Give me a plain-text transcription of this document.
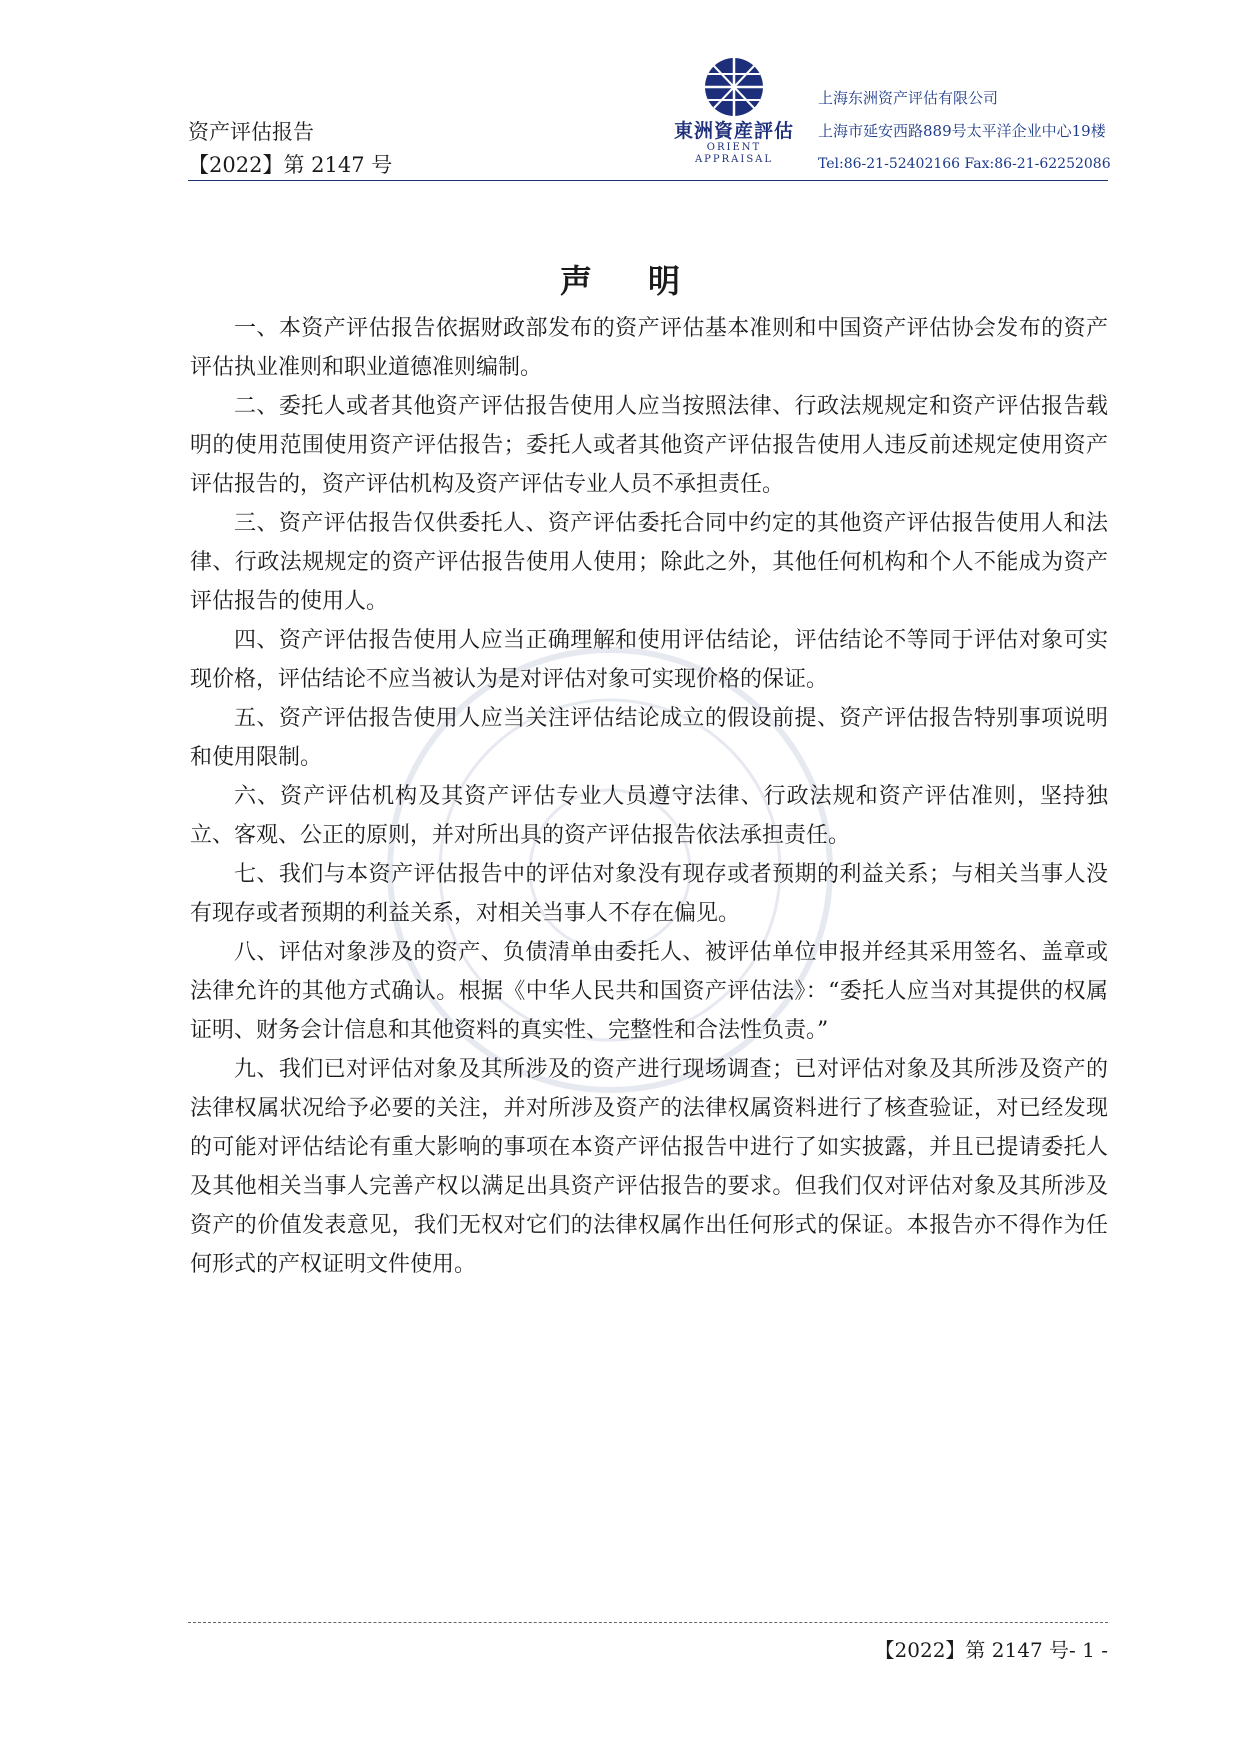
资产评估报告
【2022】第 2147 号
東洲資産評估
ORIENT APPRAISAL
上海东洲资产评估有限公司
上海市延安西路889号太平洋企业中心19楼
Tel:86-21-52402166 Fax:86-21-62252086
声明

一、本资产评估报告依据财政部发布的资产评估基本准则和中国资产评估协会发布的资产评估执业准则和职业道德准则编制。

二、委托人或者其他资产评估报告使用人应当按照法律、行政法规规定和资产评估报告载明的使用范围使用资产评估报告；委托人或者其他资产评估报告使用人违反前述规定使用资产评估报告的，资产评估机构及资产评估专业人员不承担责任。

三、资产评估报告仅供委托人、资产评估委托合同中约定的其他资产评估报告使用人和法律、行政法规规定的资产评估报告使用人使用；除此之外，其他任何机构和个人不能成为资产评估报告的使用人。

四、资产评估报告使用人应当正确理解和使用评估结论，评估结论不等同于评估对象可实现价格，评估结论不应当被认为是对评估对象可实现价格的保证。

五、资产评估报告使用人应当关注评估结论成立的假设前提、资产评估报告特别事项说明和使用限制。

六、资产评估机构及其资产评估专业人员遵守法律、行政法规和资产评估准则，坚持独立、客观、公正的原则，并对所出具的资产评估报告依法承担责任。

七、我们与本资产评估报告中的评估对象没有现存或者预期的利益关系；与相关当事人没有现存或者预期的利益关系，对相关当事人不存在偏见。

八、评估对象涉及的资产、负债清单由委托人、被评估单位申报并经其采用签名、盖章或法律允许的其他方式确认。根据《中华人民共和国资产评估法》：“委托人应当对其提供的权属证明、财务会计信息和其他资料的真实性、完整性和合法性负责。”

九、我们已对评估对象及其所涉及的资产进行现场调查；已对评估对象及其所涉及资产的法律权属状况给予必要的关注，并对所涉及资产的法律权属资料进行了核查验证，对已经发现的可能对评估结论有重大影响的事项在本资产评估报告中进行了如实披露，并且已提请委托人及其他相关当事人完善产权以满足出具资产评估报告的要求。但我们仅对评估对象及其所涉及资产的价值发表意见，我们无权对它们的法律权属作出任何形式的保证。本报告亦不得作为任何形式的产权证明文件使用。

【2022】第 2147 号- 1 -
